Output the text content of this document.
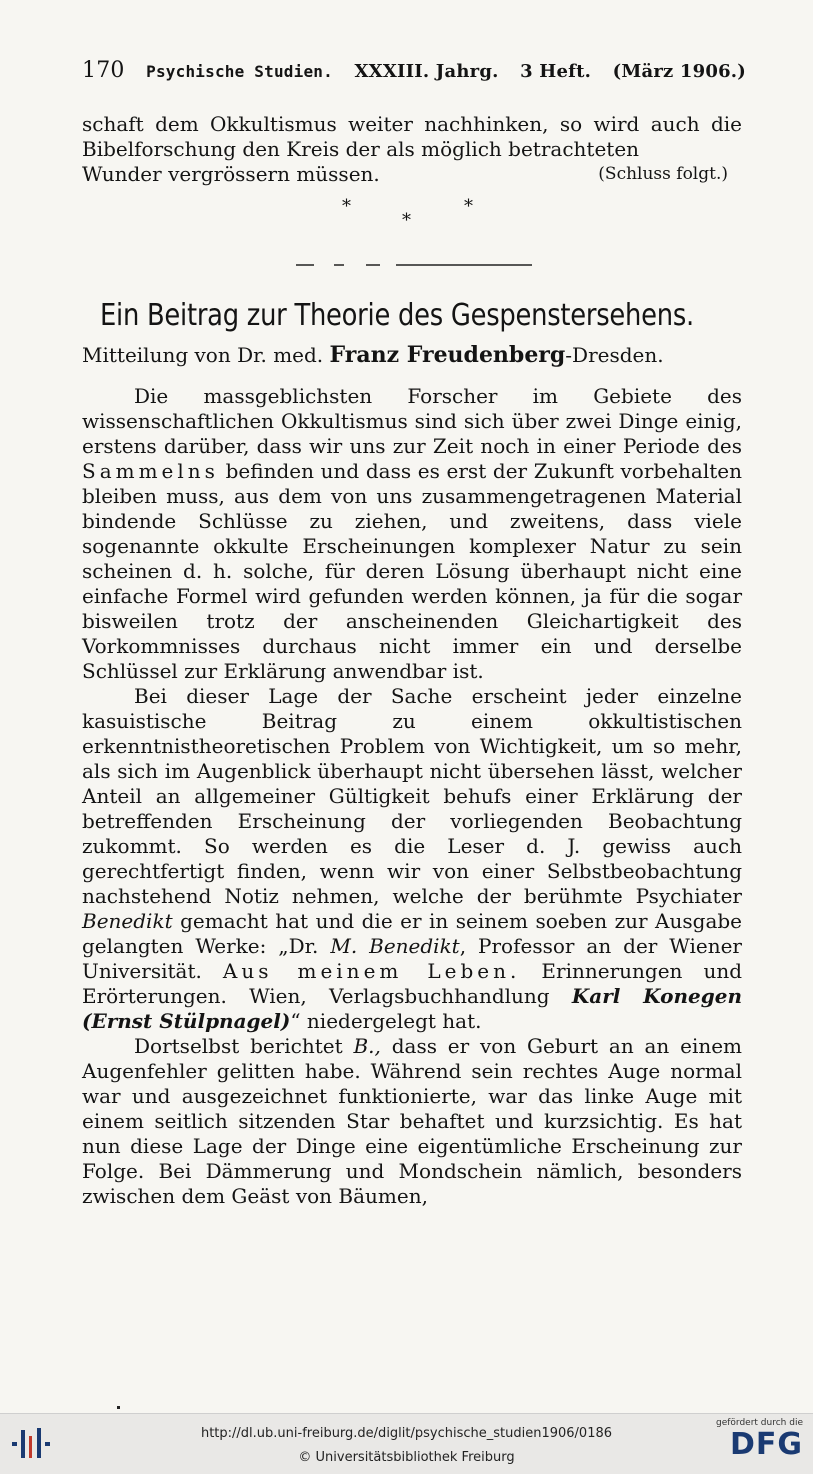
170 Psychische Studien. XXXIII. Jahrg. 3 Heft. (März 1906.)

schaft dem Okkultismus weiter nachhinken, so wird auch die Bibelforschung den Kreis der als möglich betrachteten

Wunder vergrössern müssen.	(Schluss folgt.)
*
*
*
Ein Beitrag zur Theorie des Gespenstersehens.
Mitteilung von Dr. med. Franz Freudenberg-Dresden.

Die massgeblichsten Forscher im Gebiete des wissenschaftlichen Okkultismus sind sich über zwei Dinge einig, erstens darüber, dass wir uns zur Zeit noch in einer Periode des Sammelns befinden und dass es erst der Zukunft vorbehalten bleiben muss, aus dem von uns zusammengetragenen Material bindende Schlüsse zu ziehen, und zweitens, dass viele sogenannte okkulte Erscheinungen komplexer Natur zu sein scheinen d. h. solche, für deren Lösung überhaupt nicht eine einfache Formel wird gefunden werden können, ja für die sogar bisweilen trotz der anscheinenden Gleichartigkeit des Vorkommnisses durchaus nicht immer ein und derselbe Schlüssel zur Erklärung anwendbar ist.

Bei dieser Lage der Sache erscheint jeder einzelne kasuistische Beitrag zu einem okkultistischen erkenntnistheoretischen Problem von Wichtigkeit, um so mehr, als sich im Augenblick überhaupt nicht übersehen lässt, welcher Anteil an allgemeiner Gültigkeit behufs einer Erklärung der betreffenden Erscheinung der vorliegenden Beobachtung zukommt. So werden es die Leser d. J. gewiss auch gerechtfertigt finden, wenn wir von einer Selbstbeobachtung nachstehend Notiz nehmen, welche der berühmte Psychiater Benedikt gemacht hat und die er in seinem soeben zur Ausgabe gelangten Werke: „Dr. M. Benedikt, Professor an der Wiener Universität. Aus meinem Leben. Erinnerungen und Erörterungen. Wien, Verlagsbuchhandlung Karl Konegen (Ernst Stülpnagel)“ niedergelegt hat.

Dortselbst berichtet B., dass er von Geburt an an einem Augenfehler gelitten habe. Während sein rechtes Auge normal war und ausgezeichnet funktionierte, war das linke Auge mit einem seitlich sitzenden Star behaftet und kurzsichtig. Es hat nun diese Lage der Dinge eine eigentümliche Erscheinung zur Folge. Bei Dämmerung und Mondschein nämlich, besonders zwischen dem Geäst von Bäumen,

http://dl.ub.uni-freiburg.de/diglit/psychische_studien1906/0186
© Universitätsbibliothek Freiburg
gefördert durch die
DFG
